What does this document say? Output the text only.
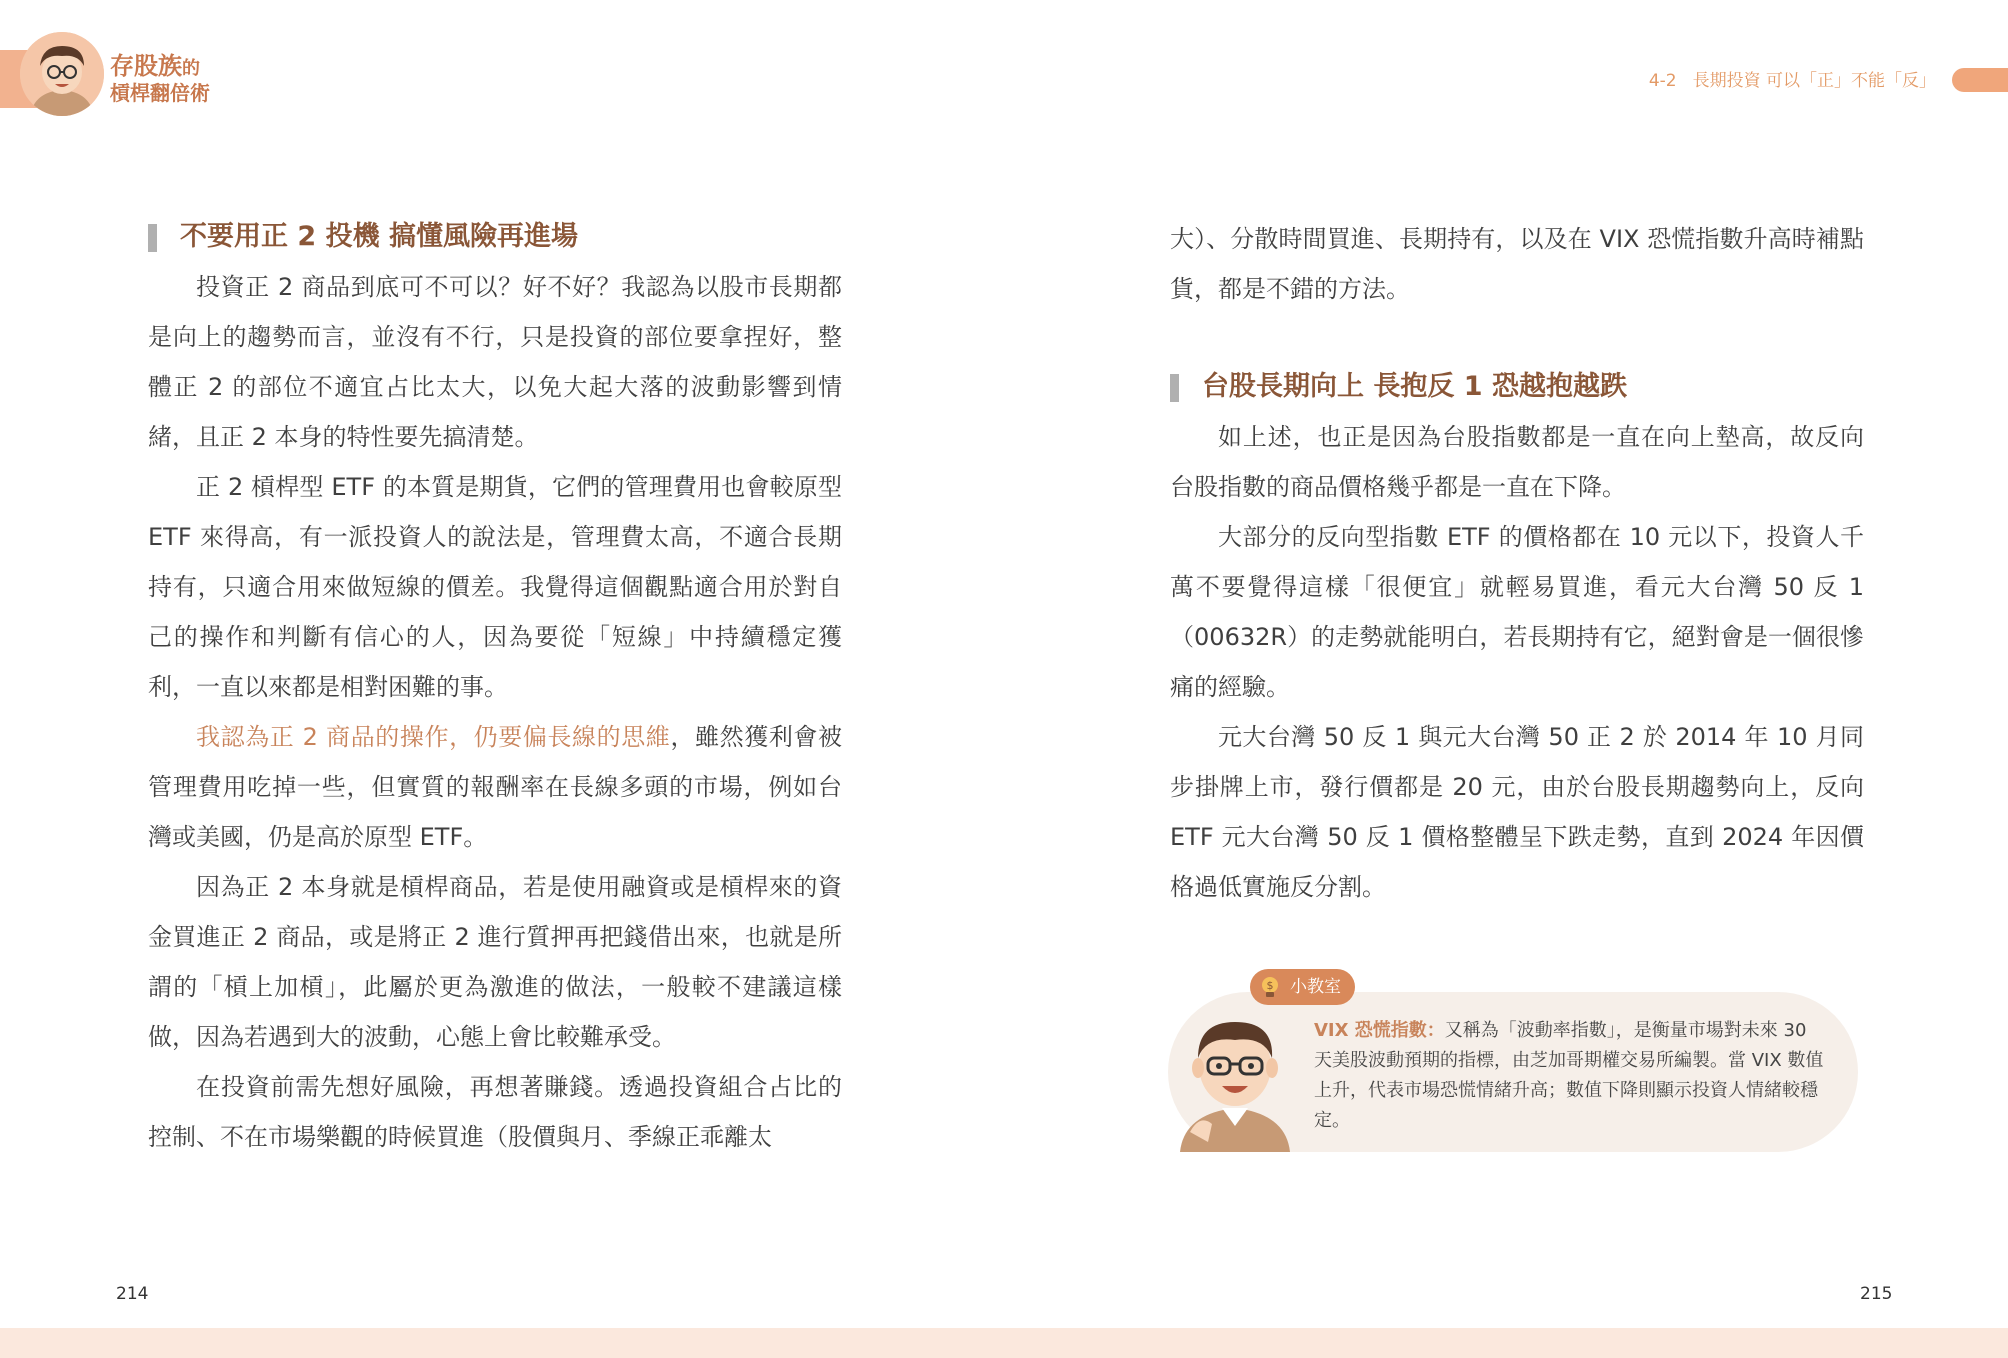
存股族的
槓桿翻倍術	4-2 長期投資 可以「正」不能「反」
不要用正 2 投機 搞懂風險再進場

投資正 2 商品到底可不可以？好不好？我認為以股市長期都是向上的趨勢而言，並沒有不行，只是投資的部位要拿捏好，整體正 2 的部位不適宜占比太大，以免大起大落的波動影響到情緒，且正 2 本身的特性要先搞清楚。

正 2 槓桿型 ETF 的本質是期貨，它們的管理費用也會較原型 ETF 來得高，有一派投資人的說法是，管理費太高，不適合長期持有，只適合用來做短線的價差。我覺得這個觀點適合用於對自己的操作和判斷有信心的人，因為要從「短線」中持續穩定獲利，一直以來都是相對困難的事。

我認為正 2 商品的操作，仍要偏長線的思維，雖然獲利會被管理費用吃掉一些，但實質的報酬率在長線多頭的市場，例如台灣或美國，仍是高於原型 ETF。

因為正 2 本身就是槓桿商品，若是使用融資或是槓桿來的資金買進正 2 商品，或是將正 2 進行質押再把錢借出來，也就是所謂的「槓上加槓」，此屬於更為激進的做法，一般較不建議這樣做，因為若遇到大的波動，心態上會比較難承受。

在投資前需先想好風險，再想著賺錢。透過投資組合占比的控制、不在市場樂觀的時候買進（股價與月、季線正乖離太

大）、分散時間買進、長期持有，以及在 VIX 恐慌指數升高時補點貨，都是不錯的方法。

台股長期向上 長抱反 1 恐越抱越跌

如上述，也正是因為台股指數都是一直在向上墊高，故反向台股指數的商品價格幾乎都是一直在下降。

大部分的反向型指數 ETF 的價格都在 10 元以下，投資人千萬不要覺得這樣「很便宜」就輕易買進，看元大台灣 50 反 1（00632R）的走勢就能明白，若長期持有它，絕對會是一個很慘痛的經驗。

元大台灣 50 反 1 與元大台灣 50 正 2 於 2014 年 10 月同步掛牌上市，發行價都是 20 元，由於台股長期趨勢向上，反向 ETF 元大台灣 50 反 1 價格整體呈下跌走勢，直到 2024 年因價格過低實施反分割。

$ 小教室
VIX 恐慌指數：又稱為「波動率指數」，是衡量市場對未來 30 天美股波動預期的指標，由芝加哥期權交易所編製。當 VIX 數值上升，代表市場恐慌情緒升高；數值下降則顯示投資人情緒較穩定。
214	215
